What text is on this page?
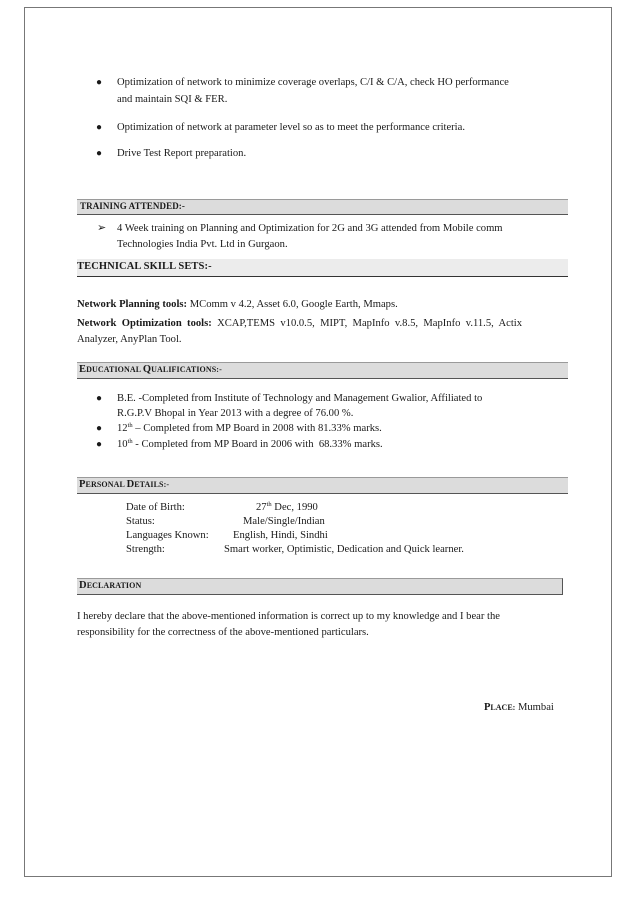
● Optimization of network to minimize coverage overlaps, C/I & C/A, check HO performance
and maintain SQI & FER.
● Optimization of network at parameter level so as to meet the performance criteria.
● Drive Test Report preparation.
TRAINING ATTENDED:-
➢ 4 Week training on Planning and Optimization for 2G and 3G attended from Mobile comm
Technologies India Pvt. Ltd in Gurgaon.
TECHNICAL SKILL SETS:-
Network Planning tools: MComm v 4.2, Asset 6.0, Google Earth, Mmaps.
Network  Optimization  tools:  XCAP,TEMS  v10.0.5,  MIPT,  MapInfo  v.8.5,  MapInfo  v.11.5,  Actix
Analyzer, AnyPlan Tool.
EDUCATIONAL QUALIFICATIONS:-
● B.E. -Completed from Institute of Technology and Management Gwalior, Affiliated to
R.G.P.V Bhopal in Year 2013 with a degree of 76.00 %.
● 12th – Completed from MP Board in 2008 with 81.33% marks.
● 10th - Completed from MP Board in 2006 with  68.33% marks.
PERSONAL DETAILS:-
Date of Birth:	27th Dec, 1990
Status:	Male/Single/Indian
Languages Known: English, Hindi, Sindhi
Strength:	Smart worker, Optimistic, Dedication and Quick learner.
DECLARATION
I hereby declare that the above-mentioned information is correct up to my knowledge and I bear the
responsibility for the correctness of the above-mentioned particulars.
PLACE: Mumbai
